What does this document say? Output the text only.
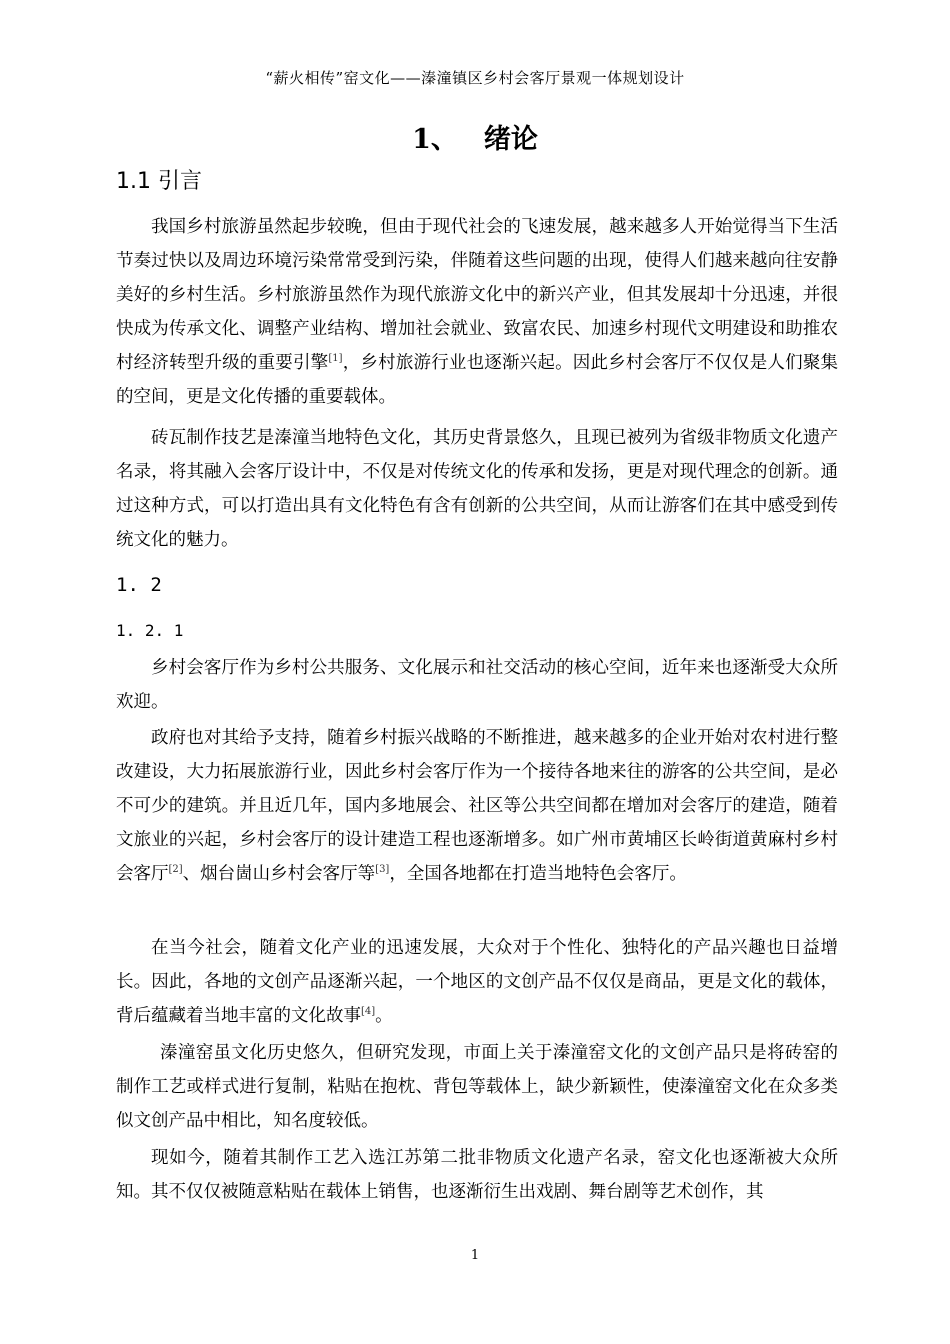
“薪火相传”窑文化——溱潼镇区乡村会客厅景观一体规划设计
1、 绪论
1.1 引言

我国乡村旅游虽然起步较晚，但由于现代社会的飞速发展，越来越多人开始觉得当下生活节奏过快以及周边环境污染常常受到污染，伴随着这些问题的出现，使得人们越来越向往安静美好的乡村生活。乡村旅游虽然作为现代旅游文化中的新兴产业，但其发展却十分迅速，并很快成为传承文化、调整产业结构、增加社会就业、致富农民、加速乡村现代文明建设和助推农村经济转型升级的重要引擎[1]，乡村旅游行业也逐渐兴起。因此乡村会客厅不仅仅是人们聚集的空间，更是文化传播的重要载体。

砖瓦制作技艺是溱潼当地特色文化，其历史背景悠久，且现已被列为省级非物质文化遗产名录，将其融入会客厅设计中，不仅是对传统文化的传承和发扬，更是对现代理念的创新。通过这种方式，可以打造出具有文化特色有含有创新的公共空间，从而让游客们在其中感受到传统文化的魅力。

1. 2
1. 2. 1

乡村会客厅作为乡村公共服务、文化展示和社交活动的核心空间，近年来也逐渐受大众所欢迎。

政府也对其给予支持，随着乡村振兴战略的不断推进，越来越多的企业开始对农村进行整改建设，大力拓展旅游行业，因此乡村会客厅作为一个接待各地来往的游客的公共空间，是必不可少的建筑。并且近几年，国内多地展会、社区等公共空间都在增加对会客厅的建造，随着文旅业的兴起，乡村会客厅的设计建造工程也逐渐增多。如广州市黄埔区长岭街道黄麻村乡村会客厅[2]、烟台崮山乡村会客厅等[3]，全国各地都在打造当地特色会客厅。

在当今社会，随着文化产业的迅速发展，大众对于个性化、独特化的产品兴趣也日益增长。因此，各地的文创产品逐渐兴起，一个地区的文创产品不仅仅是商品，更是文化的载体，背后蕴藏着当地丰富的文化故事[4]。

溱潼窑虽文化历史悠久，但研究发现，市面上关于溱潼窑文化的文创产品只是将砖窑的制作工艺或样式进行复制，粘贴在抱枕、背包等载体上，缺少新颖性，使溱潼窑文化在众多类似文创产品中相比，知名度较低。

现如今，随着其制作工艺入选江苏第二批非物质文化遗产名录，窑文化也逐渐被大众所知。其不仅仅被随意粘贴在载体上销售，也逐渐衍生出戏剧、舞台剧等艺术创作，其

1
